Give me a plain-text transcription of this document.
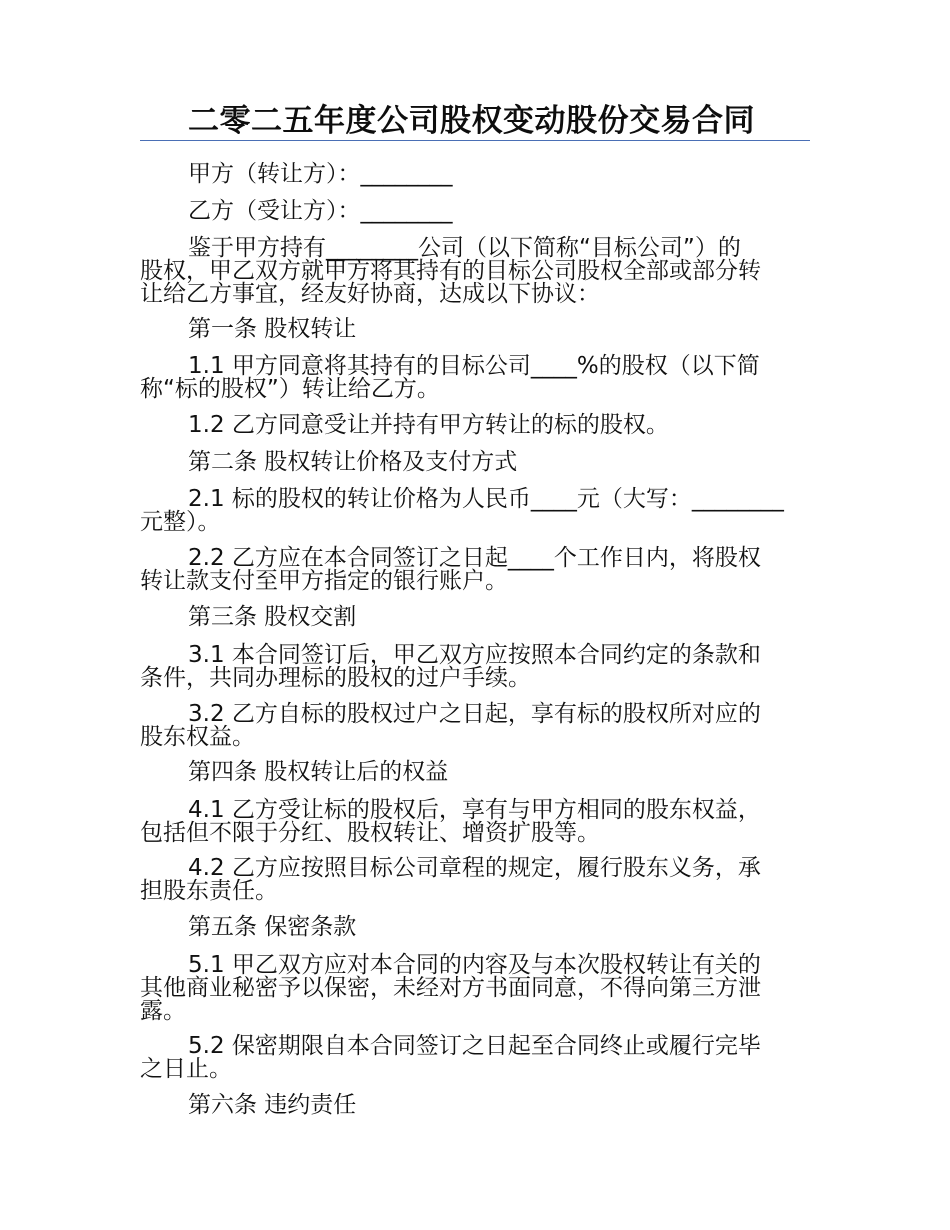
二零二五年度公司股权变动股份交易合同
甲方（转让方）：________
乙方（受让方）：________
鉴于甲方持有________公司（以下简称“目标公司”）的
股权，甲乙双方就甲方将其持有的目标公司股权全部或部分转
让给乙方事宜，经友好协商，达成以下协议：
第一条 股权转让
1.1 甲方同意将其持有的目标公司____%的股权（以下简
称“标的股权”）转让给乙方。
1.2 乙方同意受让并持有甲方转让的标的股权。
第二条 股权转让价格及支付方式
2.1 标的股权的转让价格为人民币____元（大写：________
元整）。
2.2 乙方应在本合同签订之日起____个工作日内，将股权
转让款支付至甲方指定的银行账户。
第三条 股权交割
3.1 本合同签订后，甲乙双方应按照本合同约定的条款和
条件，共同办理标的股权的过户手续。
3.2 乙方自标的股权过户之日起，享有标的股权所对应的
股东权益。
第四条 股权转让后的权益
4.1 乙方受让标的股权后，享有与甲方相同的股东权益，
包括但不限于分红、股权转让、增资扩股等。
4.2 乙方应按照目标公司章程的规定，履行股东义务，承
担股东责任。
第五条 保密条款
5.1 甲乙双方应对本合同的内容及与本次股权转让有关的
其他商业秘密予以保密，未经对方书面同意，不得向第三方泄
露。
5.2 保密期限自本合同签订之日起至合同终止或履行完毕
之日止。
第六条 违约责任
